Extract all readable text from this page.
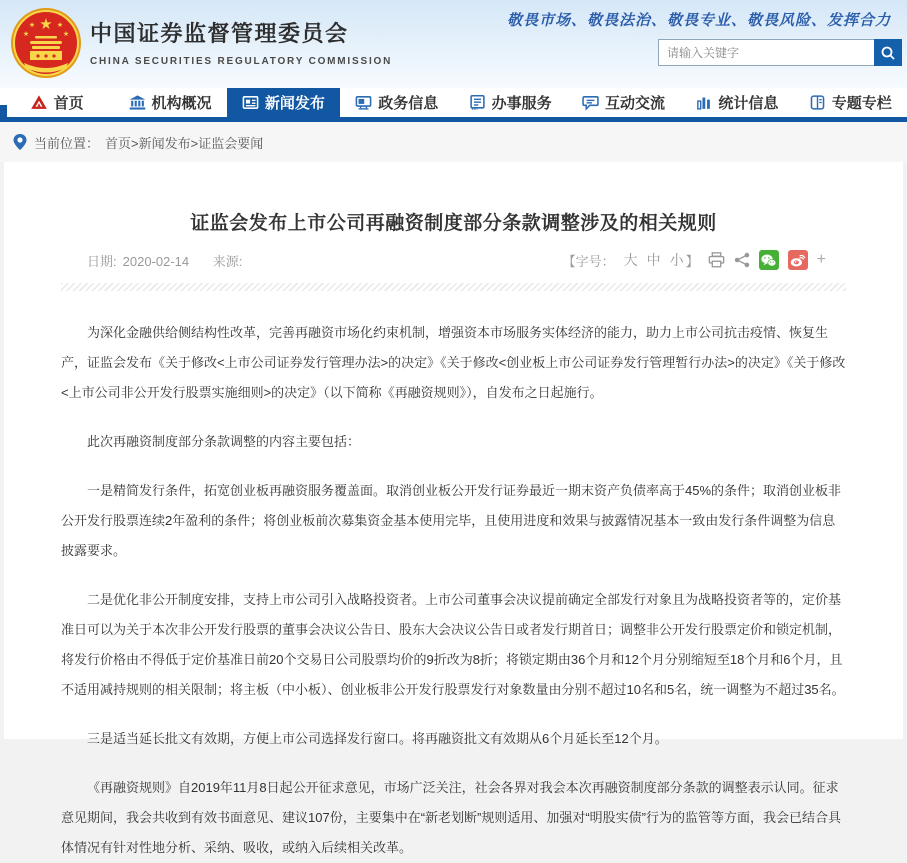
★
★	★
★	★ 中国证券监督管理委员会
CHINA SECURITIES REGULATORY COMMISSION
敬畏市场、敬畏法治、敬畏专业、敬畏风险、发挥合力
请输入关键字
首页	机构概况	新闻发布	政务信息	办事服务	互动交流	统计信息	专题专栏
当前位置： 首页>新闻发布>证监会要闻
证监会发布上市公司再融资制度部分条款调整涉及的相关规则
日期: 2020-02-14 来源:	【字号： 大 中 小 】	+

为深化金融供给侧结构性改革，完善再融资市场化约束机制，增强资本市场服务实体经济的能力，助力上市公司抗击疫情、恢复生产，证监会发布《关于修改<上市公司证券发行管理办法>的决定》《关于修改<创业板上市公司证券发行管理暂行办法>的决定》《关于修改<上市公司非公开发行股票实施细则>的决定》（以下简称《再融资规则》），自发布之日起施行。

此次再融资制度部分条款调整的内容主要包括：

一是精简发行条件，拓宽创业板再融资服务覆盖面。取消创业板公开发行证券最近一期末资产负债率高于45%的条件；取消创业板非公开发行股票连续2年盈利的条件；将创业板前次募集资金基本使用完毕，且使用进度和效果与披露情况基本一致由发行条件调整为信息披露要求。

二是优化非公开制度安排，支持上市公司引入战略投资者。上市公司董事会决议提前确定全部发行对象且为战略投资者等的，定价基准日可以为关于本次非公开发行股票的董事会决议公告日、股东大会决议公告日或者发行期首日；调整非公开发行股票定价和锁定机制，将发行价格由不得低于定价基准日前20个交易日公司股票均价的9折改为8折；将锁定期由36个月和12个月分别缩短至18个月和6个月，且不适用减持规则的相关限制；将主板（中小板）、创业板非公开发行股票发行对象数量由分别不超过10名和5名，统一调整为不超过35名。

三是适当延长批文有效期，方便上市公司选择发行窗口。将再融资批文有效期从6个月延长至12个月。

《再融资规则》自2019年11月8日起公开征求意见，市场广泛关注，社会各界对我会本次再融资制度部分条款的调整表示认同。征求意见期间，我会共收到有效书面意见、建议107份，主要集中在“新老划断”规则适用、加强对“明股实债”行为的监管等方面，我会已结合具体情况有针对性地分析、采纳、吸收，或纳入后续相关改革。
